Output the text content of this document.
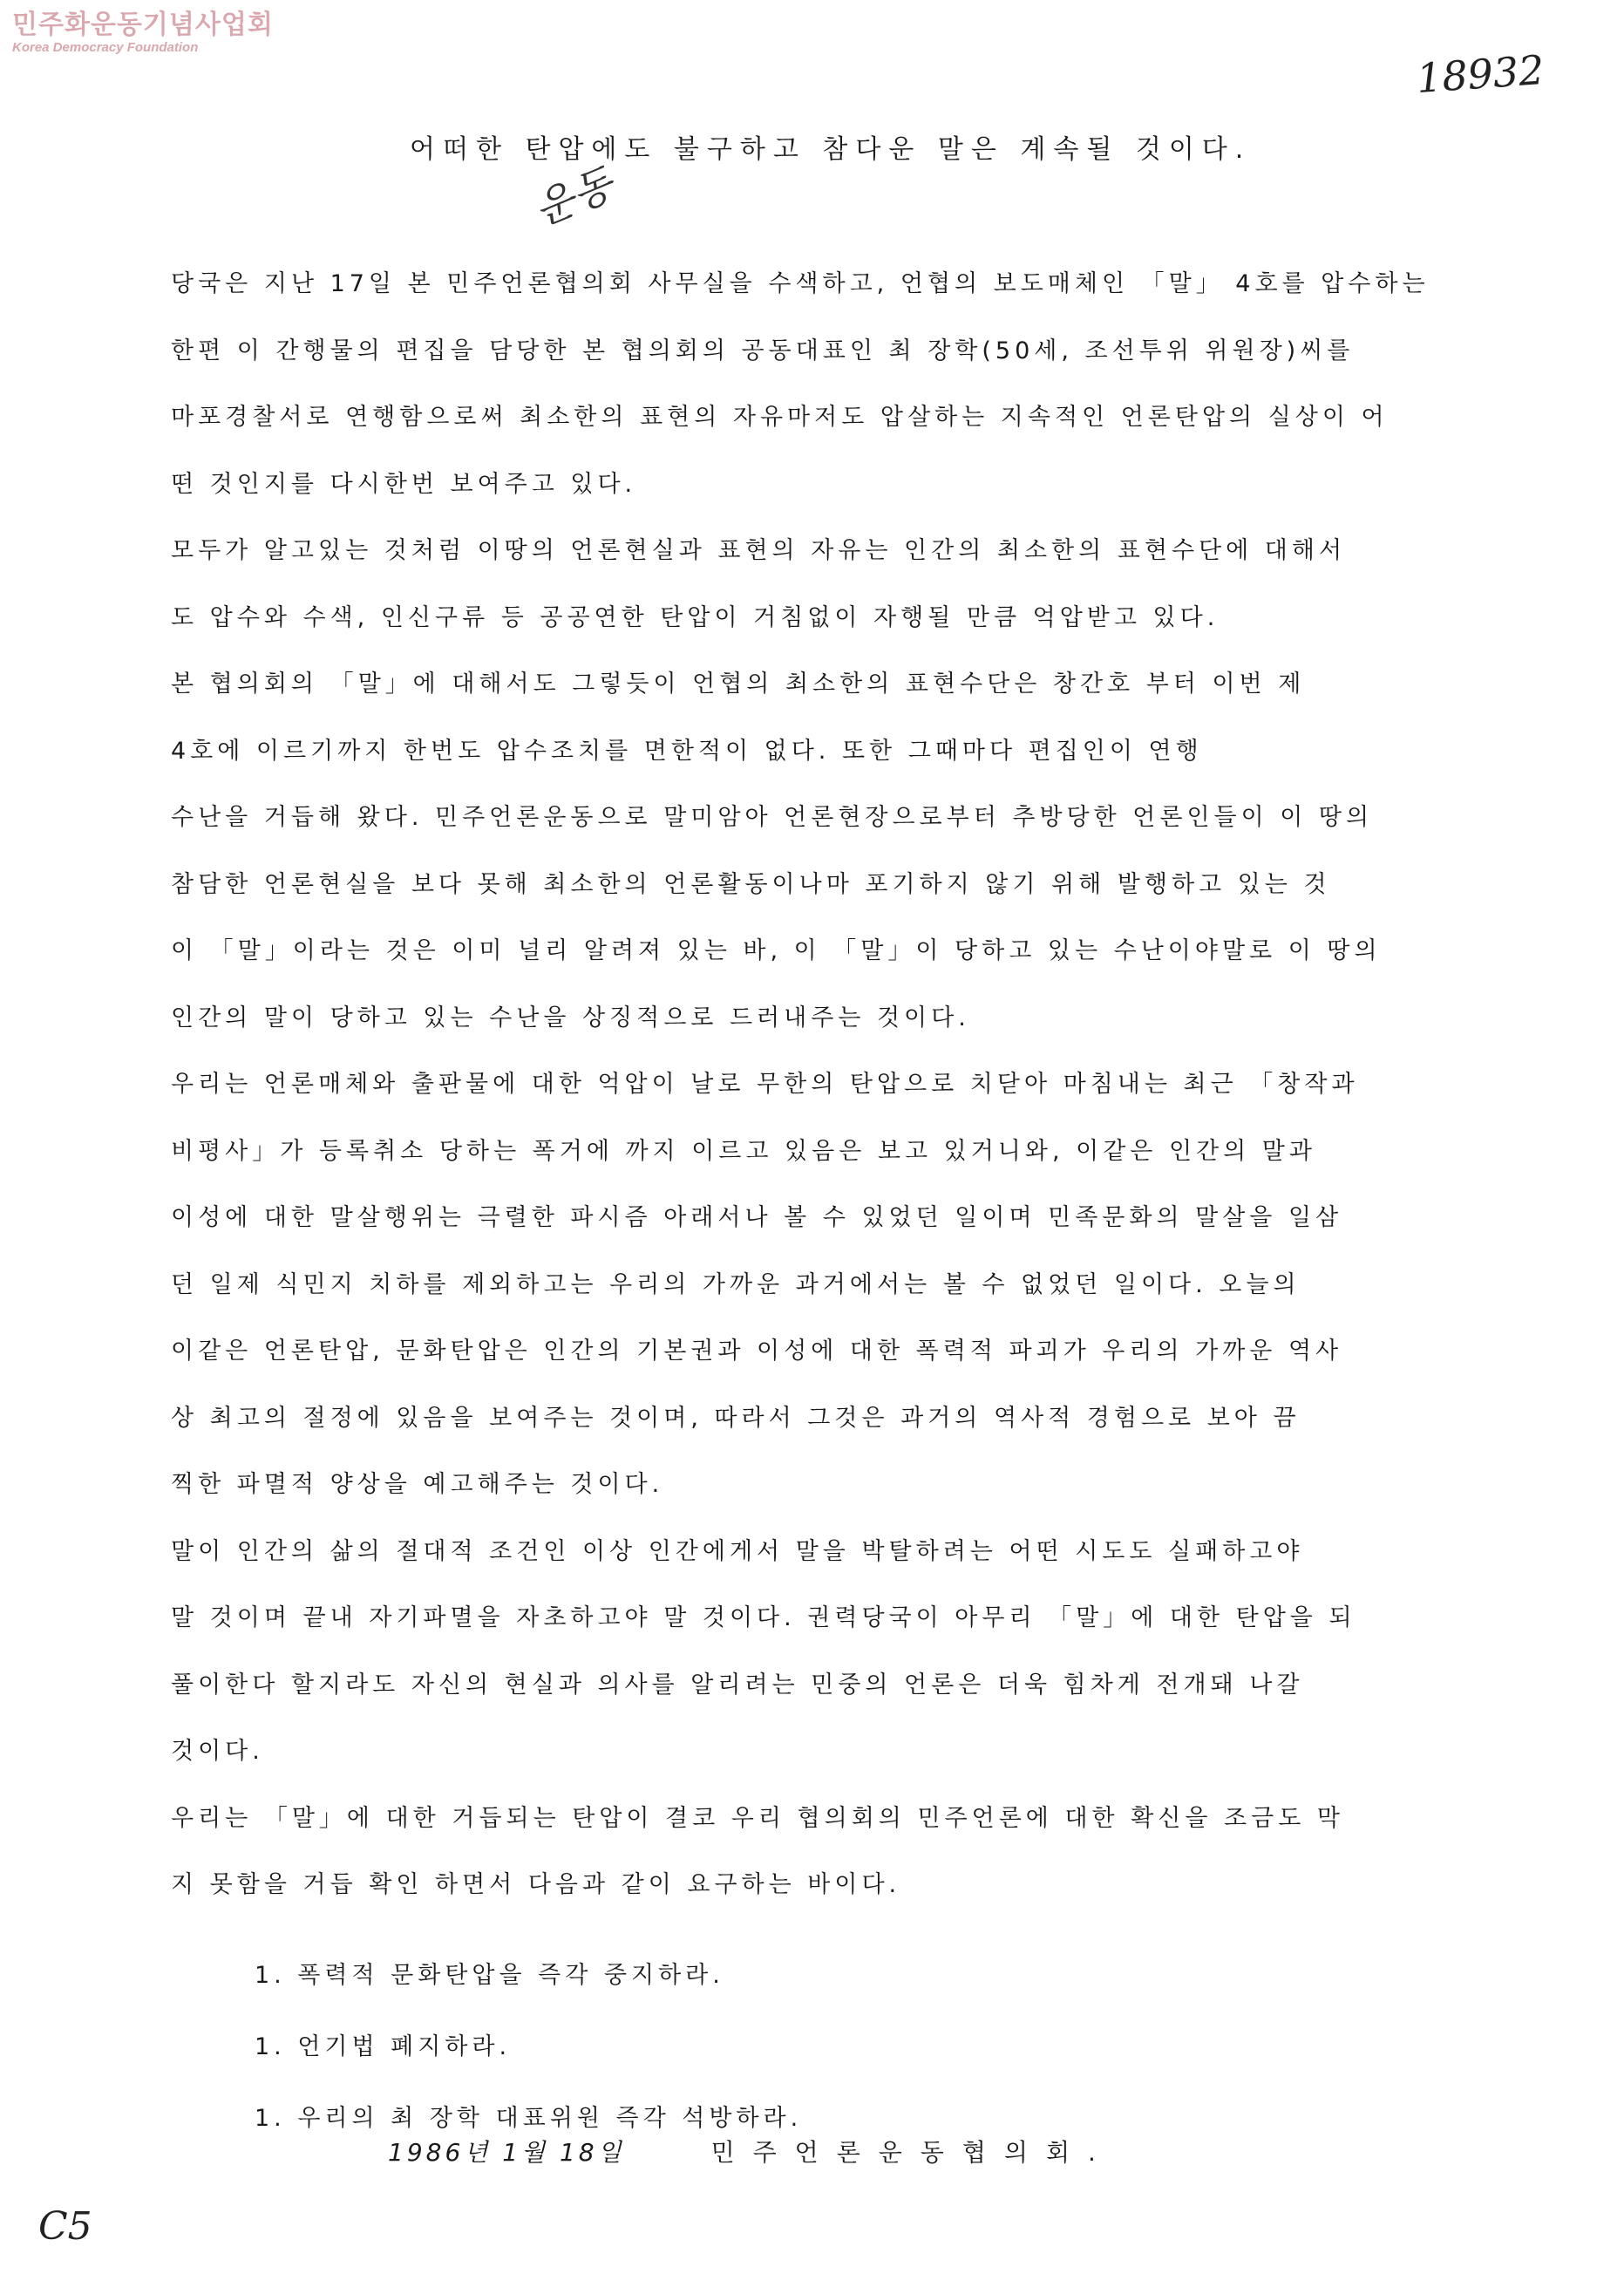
민주화운동기념사업회
Korea Democracy Foundation	18932
어떠한 탄압에도 불구하고 참다운 말은 계속될 것이다.
운동
당국은 지난 17일 본 민주언론협의회 사무실을 수색하고, 언협의 보도매체인 「말」 4호를 압수하는
한편 이 간행물의 편집을 담당한 본 협의회의 공동대표인 최 장학(50세, 조선투위 위원장)씨를
마포경찰서로 연행함으로써 최소한의 표현의 자유마저도 압살하는 지속적인 언론탄압의 실상이 어
떤 것인지를 다시한번 보여주고 있다.
모두가 알고있는 것처럼 이땅의 언론현실과 표현의 자유는 인간의 최소한의 표현수단에 대해서
도 압수와 수색, 인신구류 등 공공연한 탄압이 거침없이 자행될 만큼 억압받고 있다.
본 협의회의 「말」에 대해서도 그렇듯이 언협의 최소한의 표현수단은 창간호 부터 이번 제
4호에 이르기까지 한번도 압수조치를 면한적이 없다. 또한 그때마다 편집인이 연행
수난을 거듭해 왔다. 민주언론운동으로 말미암아 언론현장으로부터 추방당한 언론인들이 이 땅의
참담한 언론현실을 보다 못해 최소한의 언론활동이나마 포기하지 않기 위해 발행하고 있는 것
이 「말」이라는 것은 이미 널리 알려져 있는 바, 이 「말」이 당하고 있는 수난이야말로 이 땅의
인간의 말이 당하고 있는 수난을 상징적으로 드러내주는 것이다.
우리는 언론매체와 출판물에 대한 억압이 날로 무한의 탄압으로 치닫아 마침내는 최근 「창작과
비평사」가 등록취소 당하는 폭거에 까지 이르고 있음은 보고 있거니와, 이같은 인간의 말과
이성에 대한 말살행위는 극렬한 파시즘 아래서나 볼 수 있었던 일이며 민족문화의 말살을 일삼
던 일제 식민지 치하를 제외하고는 우리의 가까운 과거에서는 볼 수 없었던 일이다. 오늘의
이같은 언론탄압, 문화탄압은 인간의 기본권과 이성에 대한 폭력적 파괴가 우리의 가까운 역사
상 최고의 절정에 있음을 보여주는 것이며, 따라서 그것은 과거의 역사적 경험으로 보아 끔
찍한 파멸적 양상을 예고해주는 것이다.
말이 인간의 삶의 절대적 조건인 이상 인간에게서 말을 박탈하려는 어떤 시도도 실패하고야
말 것이며 끝내 자기파멸을 자초하고야 말 것이다. 권력당국이 아무리 「말」에 대한 탄압을 되
풀이한다 할지라도 자신의 현실과 의사를 알리려는 민중의 언론은 더욱 힘차게 전개돼 나갈
것이다.
우리는 「말」에 대한 거듭되는 탄압이 결코 우리 협의회의 민주언론에 대한 확신을 조금도 막
지 못함을 거듭 확인 하면서 다음과 같이 요구하는 바이다.
1. 폭력적 문화탄압을 즉각 중지하라.
1. 언기법 폐지하라.
1. 우리의 최 장학 대표위원 즉각 석방하라.
1986년 1월 18일	민주언론운동협의회.
C5
